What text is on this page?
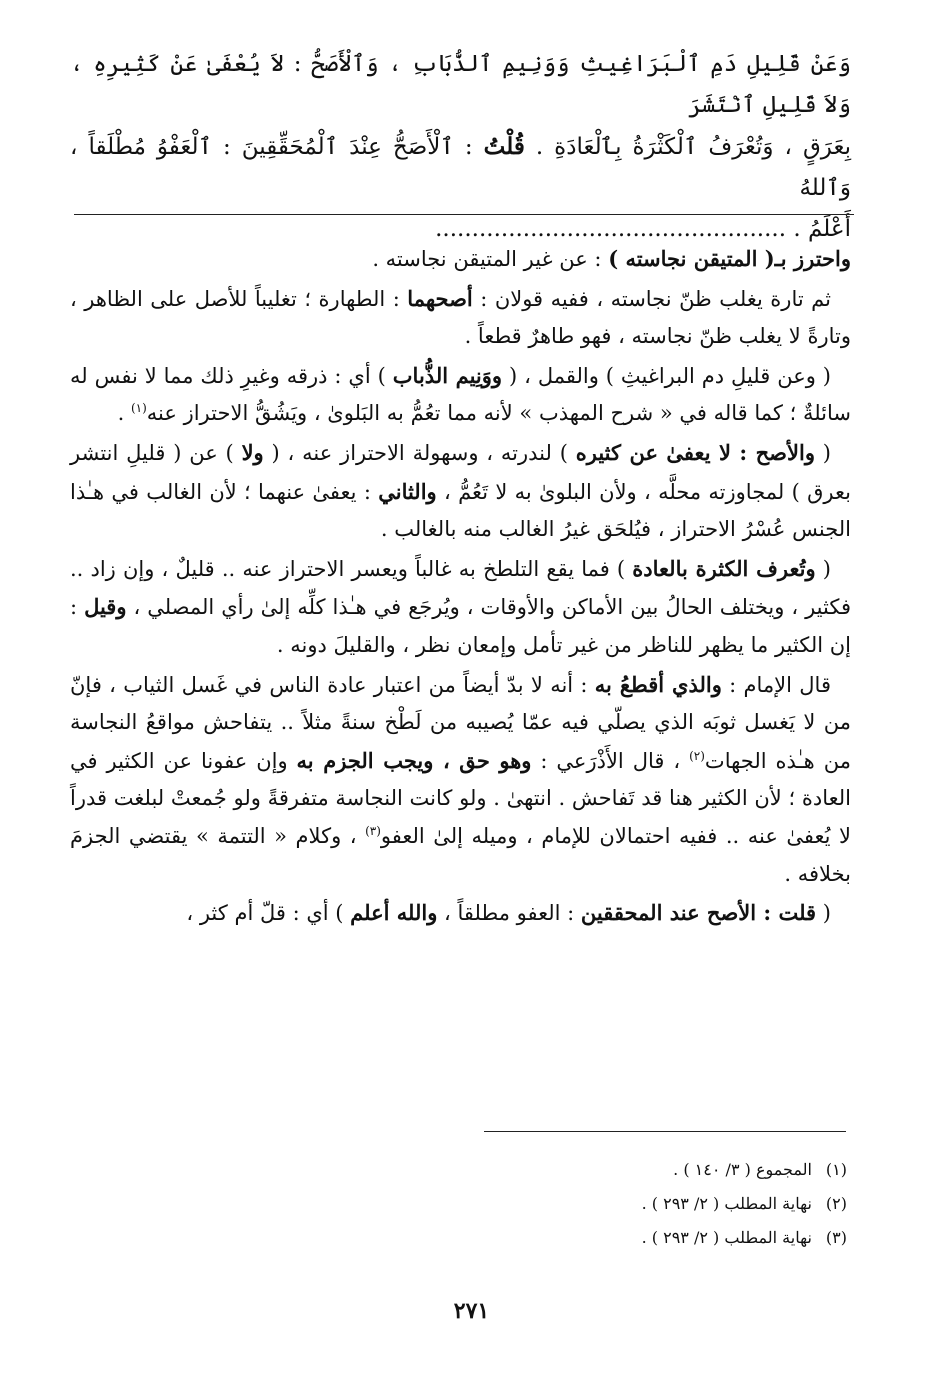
وَعَنْ قَلِيلِ دَمِ ٱلْبَرَاغِيثِ وَوَنِيمِ ٱلذُّبَابِ ، وَٱلْأَصَحُّ : لاَ يُعْفَىٰ عَنْ كَثِيرِهِ ، وَلاَ قَلِيلِ ٱنْتَشَرَ

بِعَرَقٍ ، وَتُعْرَفُ ٱلْكَثْرَةُ بِٱلْعَادَةِ . قُلْتُ : ٱلْأَصَحُّ عِنْدَ ٱلْمُحَقِّقِينَ : ٱلْعَفْوُ مُطْلَقاً ، وَٱللهُ

أَعْلَمُ . ................................................

واحترز بـ( المتيقن نجاسته ) : عن غير المتيقن نجاسته .

ثم تارة يغلب ظنّ نجاسته ، ففيه قولان : أصحهما : الطهارة ؛ تغليباً للأصل على الظاهر ، وتارةً لا يغلب ظنّ نجاسته ، فهو طاهرٌ قطعاً .

( وعن قليلِ دم البراغيثِ ) والقمل ، ( ووَنِيم الذُّباب ) أي : ذرقه وغيرِ ذلك مما لا نفس له سائلةٌ ؛ كما قاله في « شرح المهذب » لأنه مما تعُمُّ به البَلوىٰ ، ويَشُقُّ الاحتراز عنه$^{(١)}$ .

( والأصح : لا يعفىٰ عن كثيره ) لندرته ، وسهولة الاحتراز عنه ، ( ولا ) عن ( قليلِ انتشر بعرق ) لمجاوزته محلَّه ، ولأن البلوىٰ به لا تَعُمُّ ، والثاني : يعفىٰ عنهما ؛ لأن الغالب في هـٰذا الجنس عُسْرُ الاحتراز ، فيُلحَق غيرُ الغالب منه بالغالب .

( وتُعرف الكثرة بالعادة ) فما يقع التلطخ به غالباً ويعسر الاحتراز عنه .. قليلٌ ، وإن زاد .. فكثير ، ويختلف الحالُ بين الأماكن والأوقات ، ويُرجَع في هـٰذا كلِّه إلىٰ رأي المصلي ، وقيل : إن الكثير ما يظهر للناظر من غير تأمل وإمعان نظر ، والقليلَ دونه .

قال الإمام : والذي أقطعُ به : أنه لا بدّ أيضاً من اعتبار عادة الناس في غَسل الثياب ، فإنّ من لا يَغسل ثوبَه الذي يصلّي فيه عمّا يُصيبه من لَطْخ سنةً مثلاً .. يتفاحش مواقعُ النجاسة من هـٰذه الجهات$^{(٢)}$ ، قال الأَذْرَعي : وهو حق ، ويجب الجزم به وإن عفونا عن الكثير في العادة ؛ لأن الكثير هنا قد تَفاحش . انتهىٰ . ولو كانت النجاسة متفرقةً ولو جُمعتْ لبلغت قدراً لا يُعفىٰ عنه .. ففيه احتمالان للإمام ، وميله إلىٰ العفو$^{(٣)}$ ، وكلام « التتمة » يقتضي الجزمَ بخلافه .

( قلت : الأصح عند المحققين : العفو مطلقاً ، والله أعلم ) أي : قلّ أم كثر ،

(١) المجموع ( ٣/ ١٤٠ ) .
(٢) نهاية المطلب ( ٢/ ٢٩٣ ) .
(٣) نهاية المطلب ( ٢/ ٢٩٣ ) .
٢٧١
